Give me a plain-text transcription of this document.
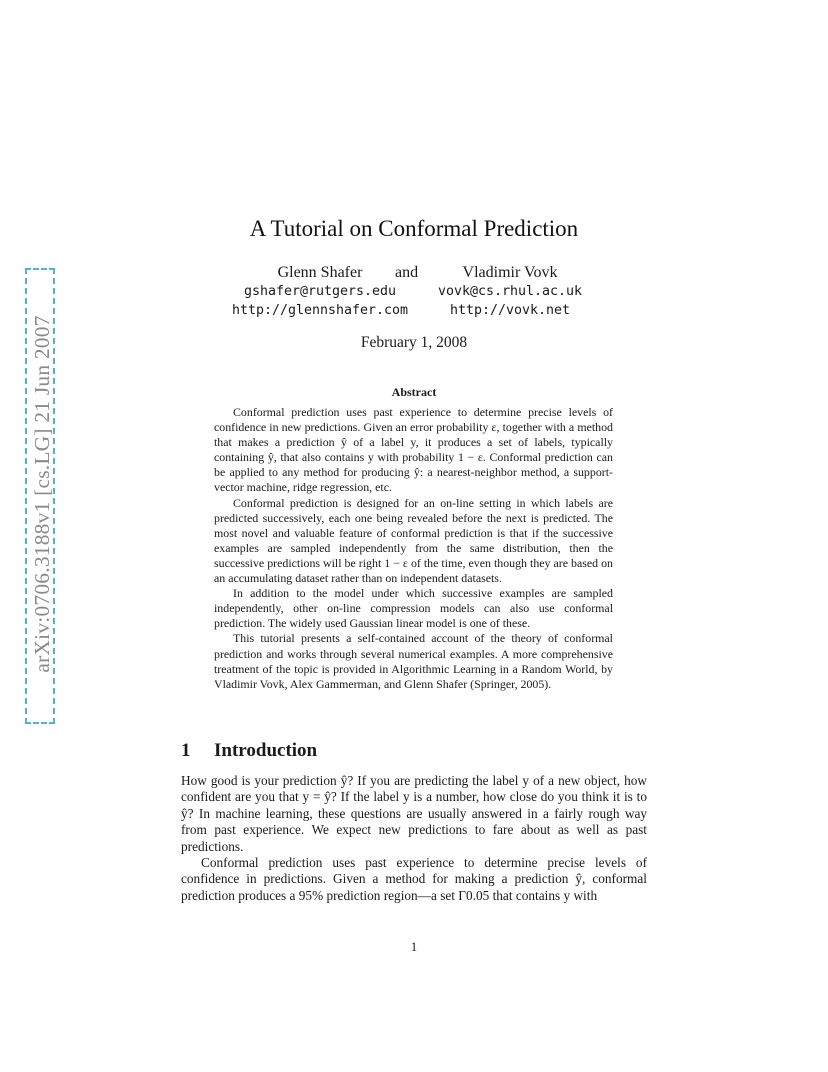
arXiv:0706.3188v1 [cs.LG] 21 Jun 2007
A Tutorial on Conformal Prediction
and
Glenn Shafer	Vladimir Vovk
gshafer@rutgers.edu	vovk@cs.rhul.ac.uk
http://glennshafer.com	http://vovk.net
February 1, 2008
Abstract

Conformal prediction uses past experience to determine precise levels of confidence in new predictions. Given an error probability ε, together with a method that makes a prediction ŷ of a label y, it produces a set of labels, typically containing ŷ, that also contains y with probability 1 − ε. Conformal prediction can be applied to any method for producing ŷ: a nearest-neighbor method, a support-vector machine, ridge regression, etc.

Conformal prediction is designed for an on-line setting in which labels are predicted successively, each one being revealed before the next is predicted. The most novel and valuable feature of conformal prediction is that if the successive examples are sampled independently from the same distribution, then the successive predictions will be right 1 − ε of the time, even though they are based on an accumulating dataset rather than on independent datasets.

In addition to the model under which successive examples are sampled independently, other on-line compression models can also use conformal prediction. The widely used Gaussian linear model is one of these.

This tutorial presents a self-contained account of the theory of conformal prediction and works through several numerical examples. A more comprehensive treatment of the topic is provided in Algorithmic Learning in a Random World, by Vladimir Vovk, Alex Gammerman, and Glenn Shafer (Springer, 2005).

1 Introduction

How good is your prediction ŷ? If you are predicting the label y of a new object, how confident are you that y = ŷ? If the label y is a number, how close do you think it is to ŷ? In machine learning, these questions are usually answered in a fairly rough way from past experience. We expect new predictions to fare about as well as past predictions.

Conformal prediction uses past experience to determine precise levels of confidence in predictions. Given a method for making a prediction ŷ, conformal prediction produces a 95% prediction region—a set Γ0.05 that contains y with

1
